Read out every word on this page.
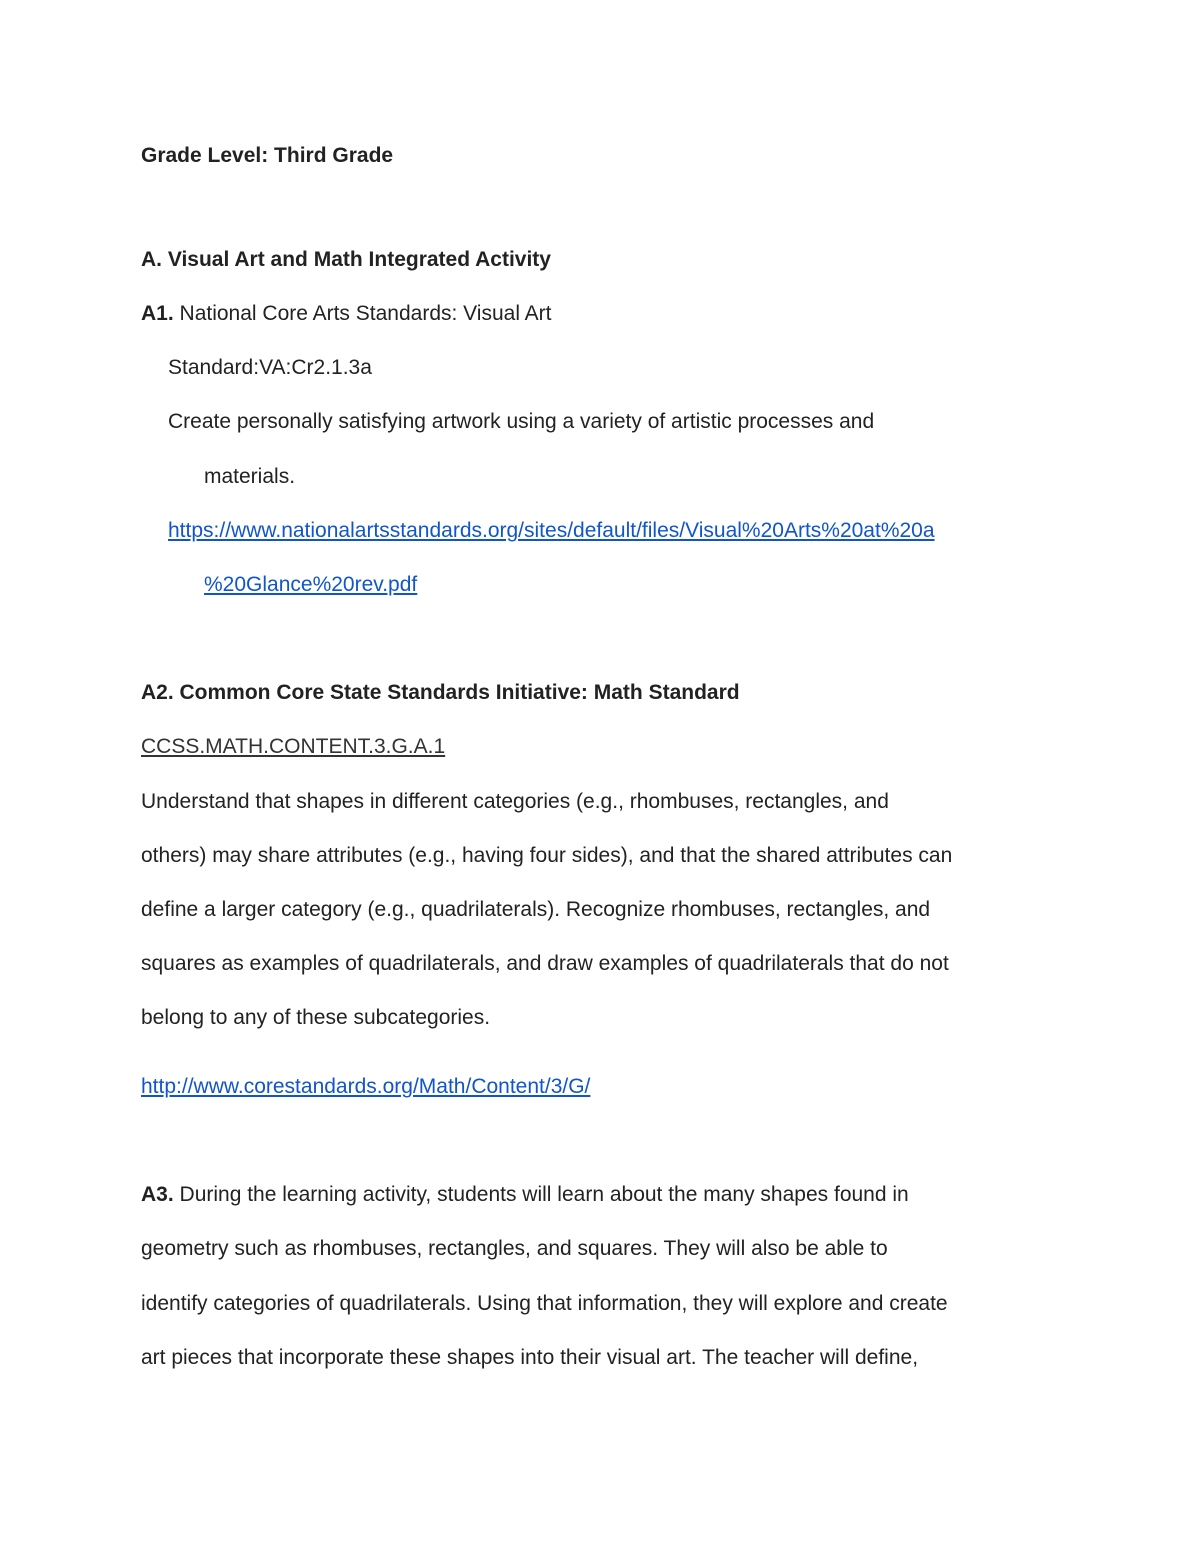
Grade Level: Third Grade

A. Visual Art and Math Integrated Activity

A1. National Core Arts Standards: Visual Art

Standard:VA:Cr2.1.3a

Create personally satisfying artwork using a variety of artistic processes and

materials.

https://www.nationalartsstandards.org/sites/default/files/Visual%20Arts%20at%20a

%20Glance%20rev.pdf

A2. Common Core State Standards Initiative: Math Standard

CCSS.MATH.CONTENT.3.G.A.1

Understand that shapes in different categories (e.g., rhombuses, rectangles, and

others) may share attributes (e.g., having four sides), and that the shared attributes can

define a larger category (e.g., quadrilaterals). Recognize rhombuses, rectangles, and

squares as examples of quadrilaterals, and draw examples of quadrilaterals that do not

belong to any of these subcategories.

http://www.corestandards.org/Math/Content/3/G/

A3. During the learning activity, students will learn about the many shapes found in

geometry such as rhombuses, rectangles, and squares. They will also be able to

identify categories of quadrilaterals. Using that information, they will explore and create

art pieces that incorporate these shapes into their visual art. The teacher will define,
